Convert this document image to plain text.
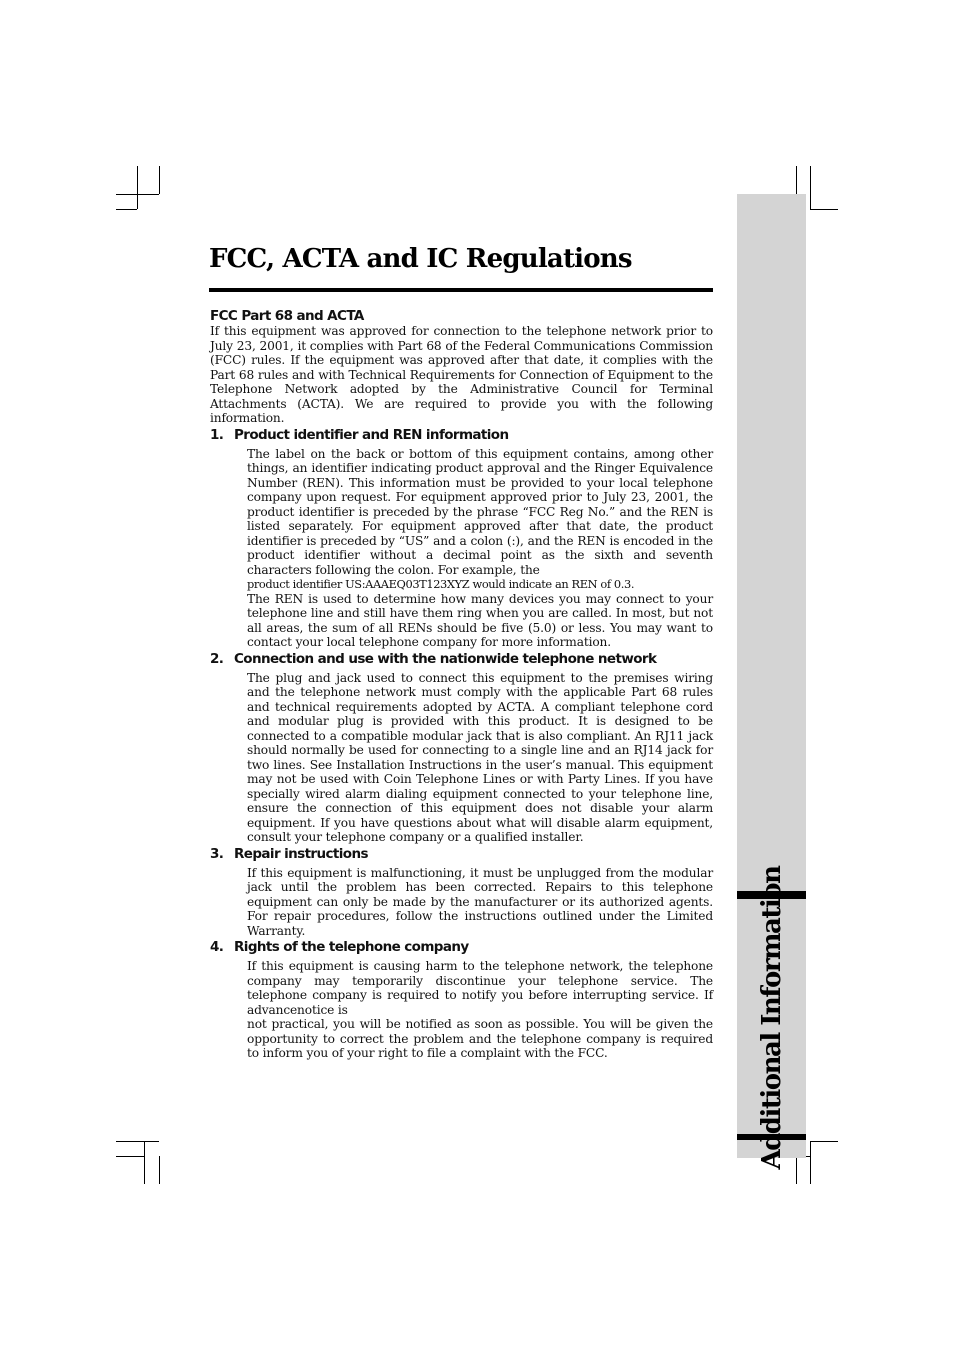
Additional Information
FCC, ACTA and IC Regulations
FCC Part 68 and ACTA

If this equipment was approved for connection to the telephone network prior to July 23, 2001, it complies with Part 68 of the Federal Communications Commission (FCC) rules. If the equipment was approved after that date, it complies with the Part 68 rules and with Technical Requirements for Connection of Equipment to the Telephone Network adopted by the Administrative Council for Terminal Attachments (ACTA). We are required to provide you with the following information.

1. Product identifier and REN information

The label on the back or bottom of this equipment contains, among other things, an identifier indicating product approval and the Ringer Equivalence Number (REN). This information must be provided to your local telephone company upon request. For equipment approved prior to July 23, 2001, the product identifier is preceded by the phrase “FCC Reg No.” and the REN is listed separately. For equipment approved after that date, the product identifier is preceded by “US” and a colon (:), and the REN is encoded in the product identifier without a decimal point as the sixth and seventh characters following the colon. For example, the

product identifier US:AAAEQ03T123XYZ would indicate an REN of 0.3.

The REN is used to determine how many devices you may connect to your telephone line and still have them ring when you are called. In most, but not all areas, the sum of all RENs should be five (5.0) or less. You may want to contact your local telephone company for more information.

2. Connection and use with the nationwide telephone network

The plug and jack used to connect this equipment to the premises wiring and the telephone network must comply with the applicable Part 68 rules and technical requirements adopted by ACTA. A compliant telephone cord and modular plug is provided with this product. It is designed to be connected to a compatible modular jack that is also compliant. An RJ11 jack should normally be used for connecting to a single line and an RJ14 jack for two lines. See Installation Instructions in the user’s manual. This equipment may not be used with Coin Telephone Lines or with Party Lines. If you have specially wired alarm dialing equipment connected to your telephone line, ensure the connection of this equipment does not disable your alarm equipment. If you have questions about what will disable alarm equipment, consult your telephone company or a qualified installer.

3. Repair instructions

If this equipment is malfunctioning, it must be unplugged from the modular jack until the problem has been corrected. Repairs to this telephone equipment can only be made by the manufacturer or its authorized agents. For repair procedures, follow the instructions outlined under the Limited Warranty.

4. Rights of the telephone company

If this equipment is causing harm to the telephone network, the telephone company may temporarily discontinue your telephone service. The telephone company is required to notify you before interrupting service. If advancenotice is

not practical, you will be notified as soon as possible. You will be given the opportunity to correct the problem and the telephone company is required to inform you of your right to file a complaint with the FCC.
